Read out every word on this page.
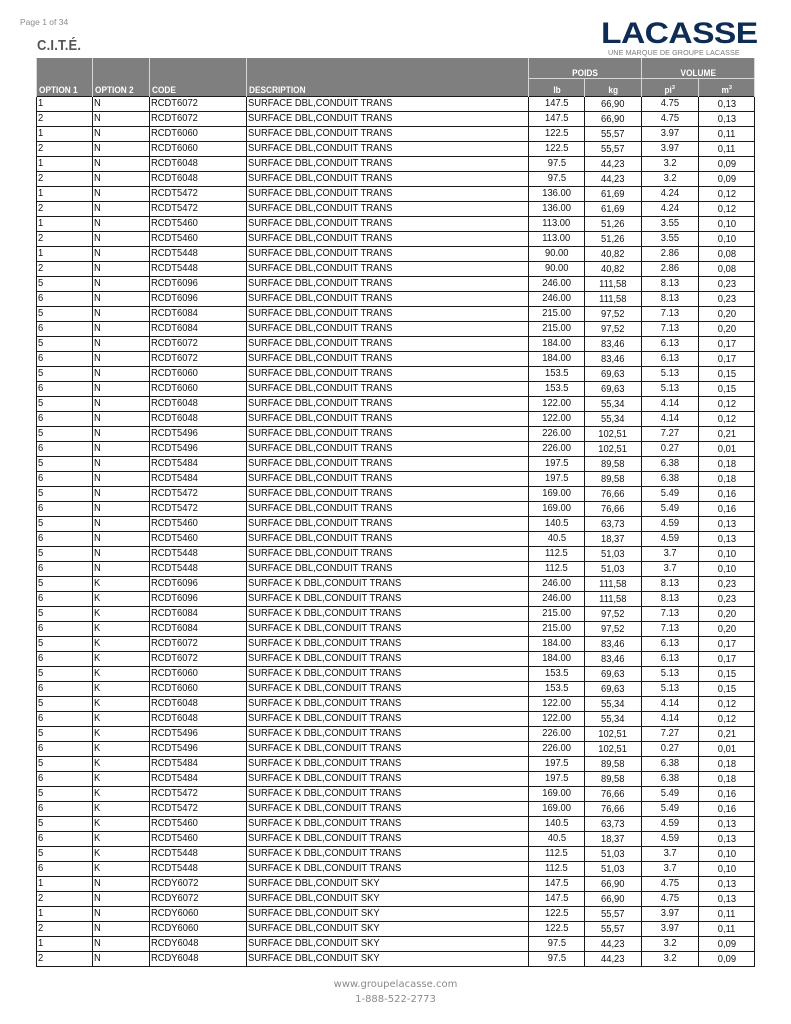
Page 1 of 34
C.I.T.É.	LACASSE
UNE MARQUE DE GROUPE LACASSE
				POIDS		VOLUME	
OPTION 1	OPTION 2	CODE	DESCRIPTION	lb	kg	$pi^3$	$m^3$
1	N	RCDT6072	SURFACE DBL,CONDUIT TRANS	147.5	66,90	4.75	0,13
2	N	RCDT6072	SURFACE DBL,CONDUIT TRANS	147.5	66,90	4.75	0,13
1	N	RCDT6060	SURFACE DBL,CONDUIT TRANS	122.5	55,57	3.97	0,11
2	N	RCDT6060	SURFACE DBL,CONDUIT TRANS	122.5	55,57	3.97	0,11
1	N	RCDT6048	SURFACE DBL,CONDUIT TRANS	97.5	44,23	3.2	0,09
2	N	RCDT6048	SURFACE DBL,CONDUIT TRANS	97.5	44,23	3.2	0,09
1	N	RCDT5472	SURFACE DBL,CONDUIT TRANS	136.00	61,69	4.24	0,12
2	N	RCDT5472	SURFACE DBL,CONDUIT TRANS	136.00	61,69	4.24	0,12
1	N	RCDT5460	SURFACE DBL,CONDUIT TRANS	113.00	51,26	3.55	0,10
2	N	RCDT5460	SURFACE DBL,CONDUIT TRANS	113.00	51,26	3.55	0,10
1	N	RCDT5448	SURFACE DBL,CONDUIT TRANS	90.00	40,82	2.86	0,08
2	N	RCDT5448	SURFACE DBL,CONDUIT TRANS	90.00	40,82	2.86	0,08
5	N	RCDT6096	SURFACE DBL,CONDUIT TRANS	246.00	111,58	8.13	0,23
6	N	RCDT6096	SURFACE DBL,CONDUIT TRANS	246.00	111,58	8.13	0,23
5	N	RCDT6084	SURFACE DBL,CONDUIT TRANS	215.00	97,52	7.13	0,20
6	N	RCDT6084	SURFACE DBL,CONDUIT TRANS	215.00	97,52	7.13	0,20
5	N	RCDT6072	SURFACE DBL,CONDUIT TRANS	184.00	83,46	6.13	0,17
6	N	RCDT6072	SURFACE DBL,CONDUIT TRANS	184.00	83,46	6.13	0,17
5	N	RCDT6060	SURFACE DBL,CONDUIT TRANS	153.5	69,63	5.13	0,15
6	N	RCDT6060	SURFACE DBL,CONDUIT TRANS	153.5	69,63	5.13	0,15
5	N	RCDT6048	SURFACE DBL,CONDUIT TRANS	122.00	55,34	4.14	0,12
6	N	RCDT6048	SURFACE DBL,CONDUIT TRANS	122.00	55,34	4.14	0,12
5	N	RCDT5496	SURFACE DBL,CONDUIT TRANS	226.00	102,51	7.27	0,21
6	N	RCDT5496	SURFACE DBL,CONDUIT TRANS	226.00	102,51	0.27	0,01
5	N	RCDT5484	SURFACE DBL,CONDUIT TRANS	197.5	89,58	6.38	0,18
6	N	RCDT5484	SURFACE DBL,CONDUIT TRANS	197.5	89,58	6.38	0,18
5	N	RCDT5472	SURFACE DBL,CONDUIT TRANS	169.00	76,66	5.49	0,16
6	N	RCDT5472	SURFACE DBL,CONDUIT TRANS	169.00	76,66	5.49	0,16
5	N	RCDT5460	SURFACE DBL,CONDUIT TRANS	140.5	63,73	4.59	0,13
6	N	RCDT5460	SURFACE DBL,CONDUIT TRANS	40.5	18,37	4.59	0,13
5	N	RCDT5448	SURFACE DBL,CONDUIT TRANS	112.5	51,03	3.7	0,10
6	N	RCDT5448	SURFACE DBL,CONDUIT TRANS	112.5	51,03	3.7	0,10
5	K	RCDT6096	SURFACE K DBL,CONDUIT TRANS	246.00	111,58	8.13	0,23
6	K	RCDT6096	SURFACE K DBL,CONDUIT TRANS	246.00	111,58	8.13	0,23
5	K	RCDT6084	SURFACE K DBL,CONDUIT TRANS	215.00	97,52	7.13	0,20
6	K	RCDT6084	SURFACE K DBL,CONDUIT TRANS	215.00	97,52	7.13	0,20
5	K	RCDT6072	SURFACE K DBL,CONDUIT TRANS	184.00	83,46	6.13	0,17
6	K	RCDT6072	SURFACE K DBL,CONDUIT TRANS	184.00	83,46	6.13	0,17
5	K	RCDT6060	SURFACE K DBL,CONDUIT TRANS	153.5	69,63	5.13	0,15
6	K	RCDT6060	SURFACE K DBL,CONDUIT TRANS	153.5	69,63	5.13	0,15
5	K	RCDT6048	SURFACE K DBL,CONDUIT TRANS	122.00	55,34	4.14	0,12
6	K	RCDT6048	SURFACE K DBL,CONDUIT TRANS	122.00	55,34	4.14	0,12
5	K	RCDT5496	SURFACE K DBL,CONDUIT TRANS	226.00	102,51	7.27	0,21
6	K	RCDT5496	SURFACE K DBL,CONDUIT TRANS	226.00	102,51	0.27	0,01
5	K	RCDT5484	SURFACE K DBL,CONDUIT TRANS	197.5	89,58	6.38	0,18
6	K	RCDT5484	SURFACE K DBL,CONDUIT TRANS	197.5	89,58	6.38	0,18
5	K	RCDT5472	SURFACE K DBL,CONDUIT TRANS	169.00	76,66	5.49	0,16
6	K	RCDT5472	SURFACE K DBL,CONDUIT TRANS	169.00	76,66	5.49	0,16
5	K	RCDT5460	SURFACE K DBL,CONDUIT TRANS	140.5	63,73	4.59	0,13
6	K	RCDT5460	SURFACE K DBL,CONDUIT TRANS	40.5	18,37	4.59	0,13
5	K	RCDT5448	SURFACE K DBL,CONDUIT TRANS	112.5	51,03	3.7	0,10
6	K	RCDT5448	SURFACE K DBL,CONDUIT TRANS	112.5	51,03	3.7	0,10
1	N	RCDY6072	SURFACE DBL,CONDUIT SKY	147.5	66,90	4.75	0,13
2	N	RCDY6072	SURFACE DBL,CONDUIT SKY	147.5	66,90	4.75	0,13
1	N	RCDY6060	SURFACE DBL,CONDUIT SKY	122.5	55,57	3.97	0,11
2	N	RCDY6060	SURFACE DBL,CONDUIT SKY	122.5	55,57	3.97	0,11
1	N	RCDY6048	SURFACE DBL,CONDUIT SKY	97.5	44,23	3.2	0,09
2	N	RCDY6048	SURFACE DBL,CONDUIT SKY	97.5	44,23	3.2	0,09
www.groupelacasse.com
1-888-522-2773
